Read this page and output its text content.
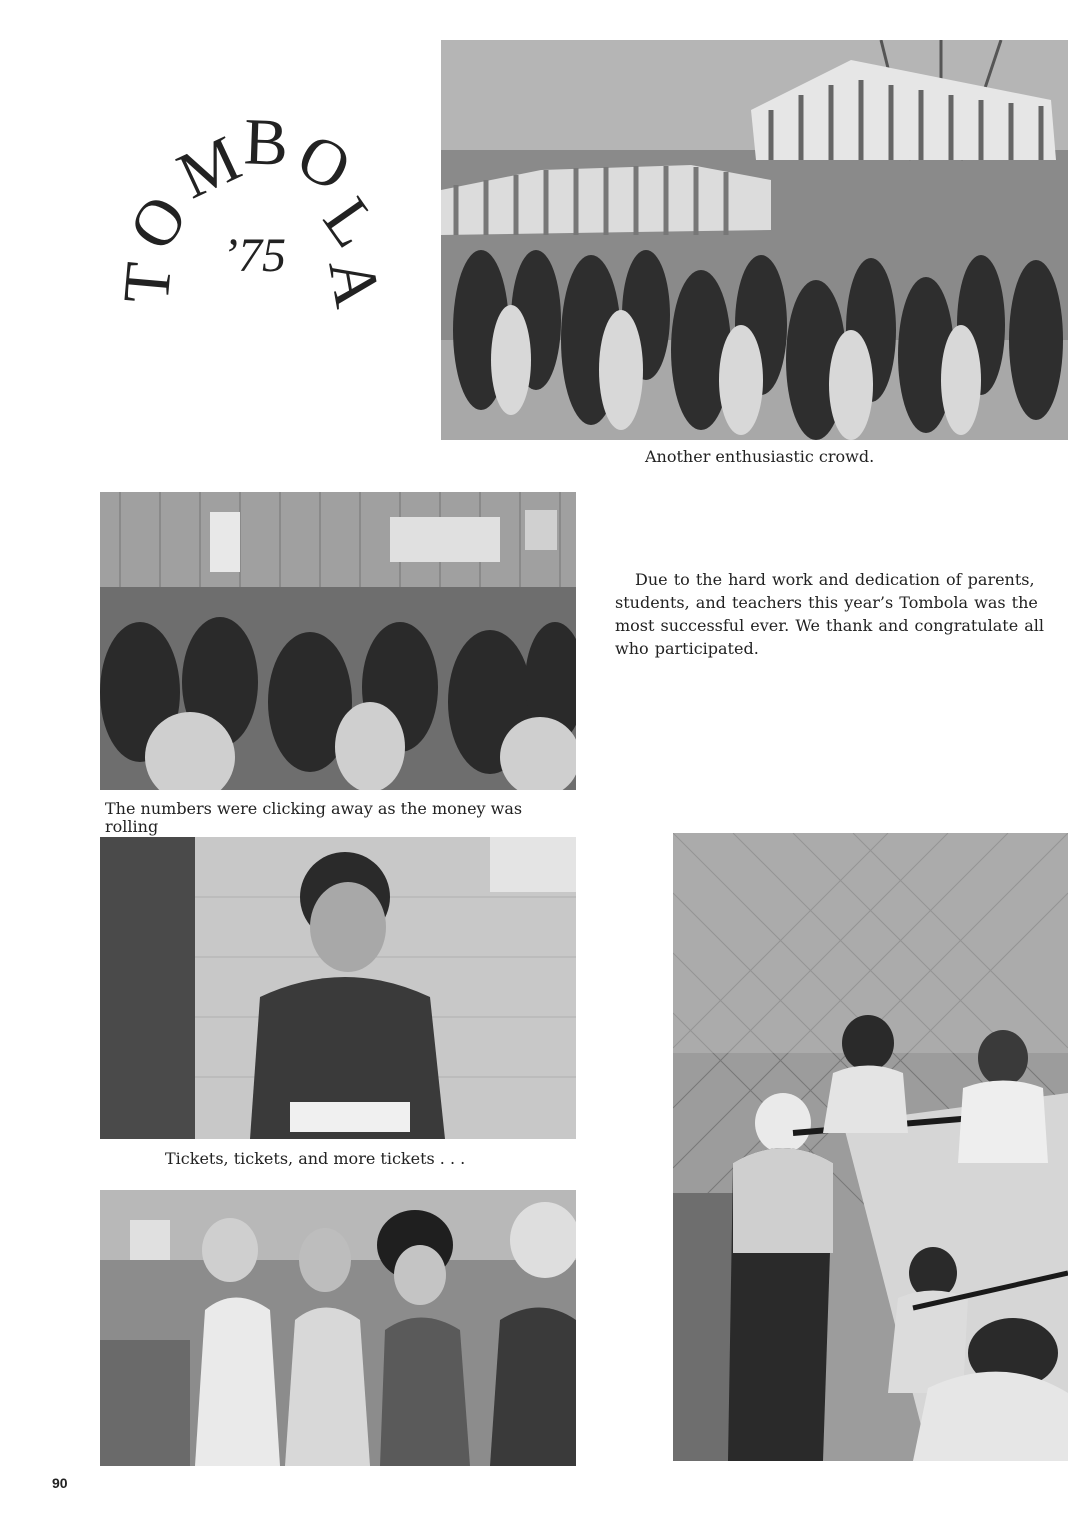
T
O
M
B
O
L
A
’75

Another enthusiastic crowd.

The numbers were clicking away as the money was rolling

Due to the hard work and dedication of parents, students, and teachers this year’s Tombola was the most successful ever. We thank and congratulate all who participated.

Tickets, tickets, and more tickets . . .

90
